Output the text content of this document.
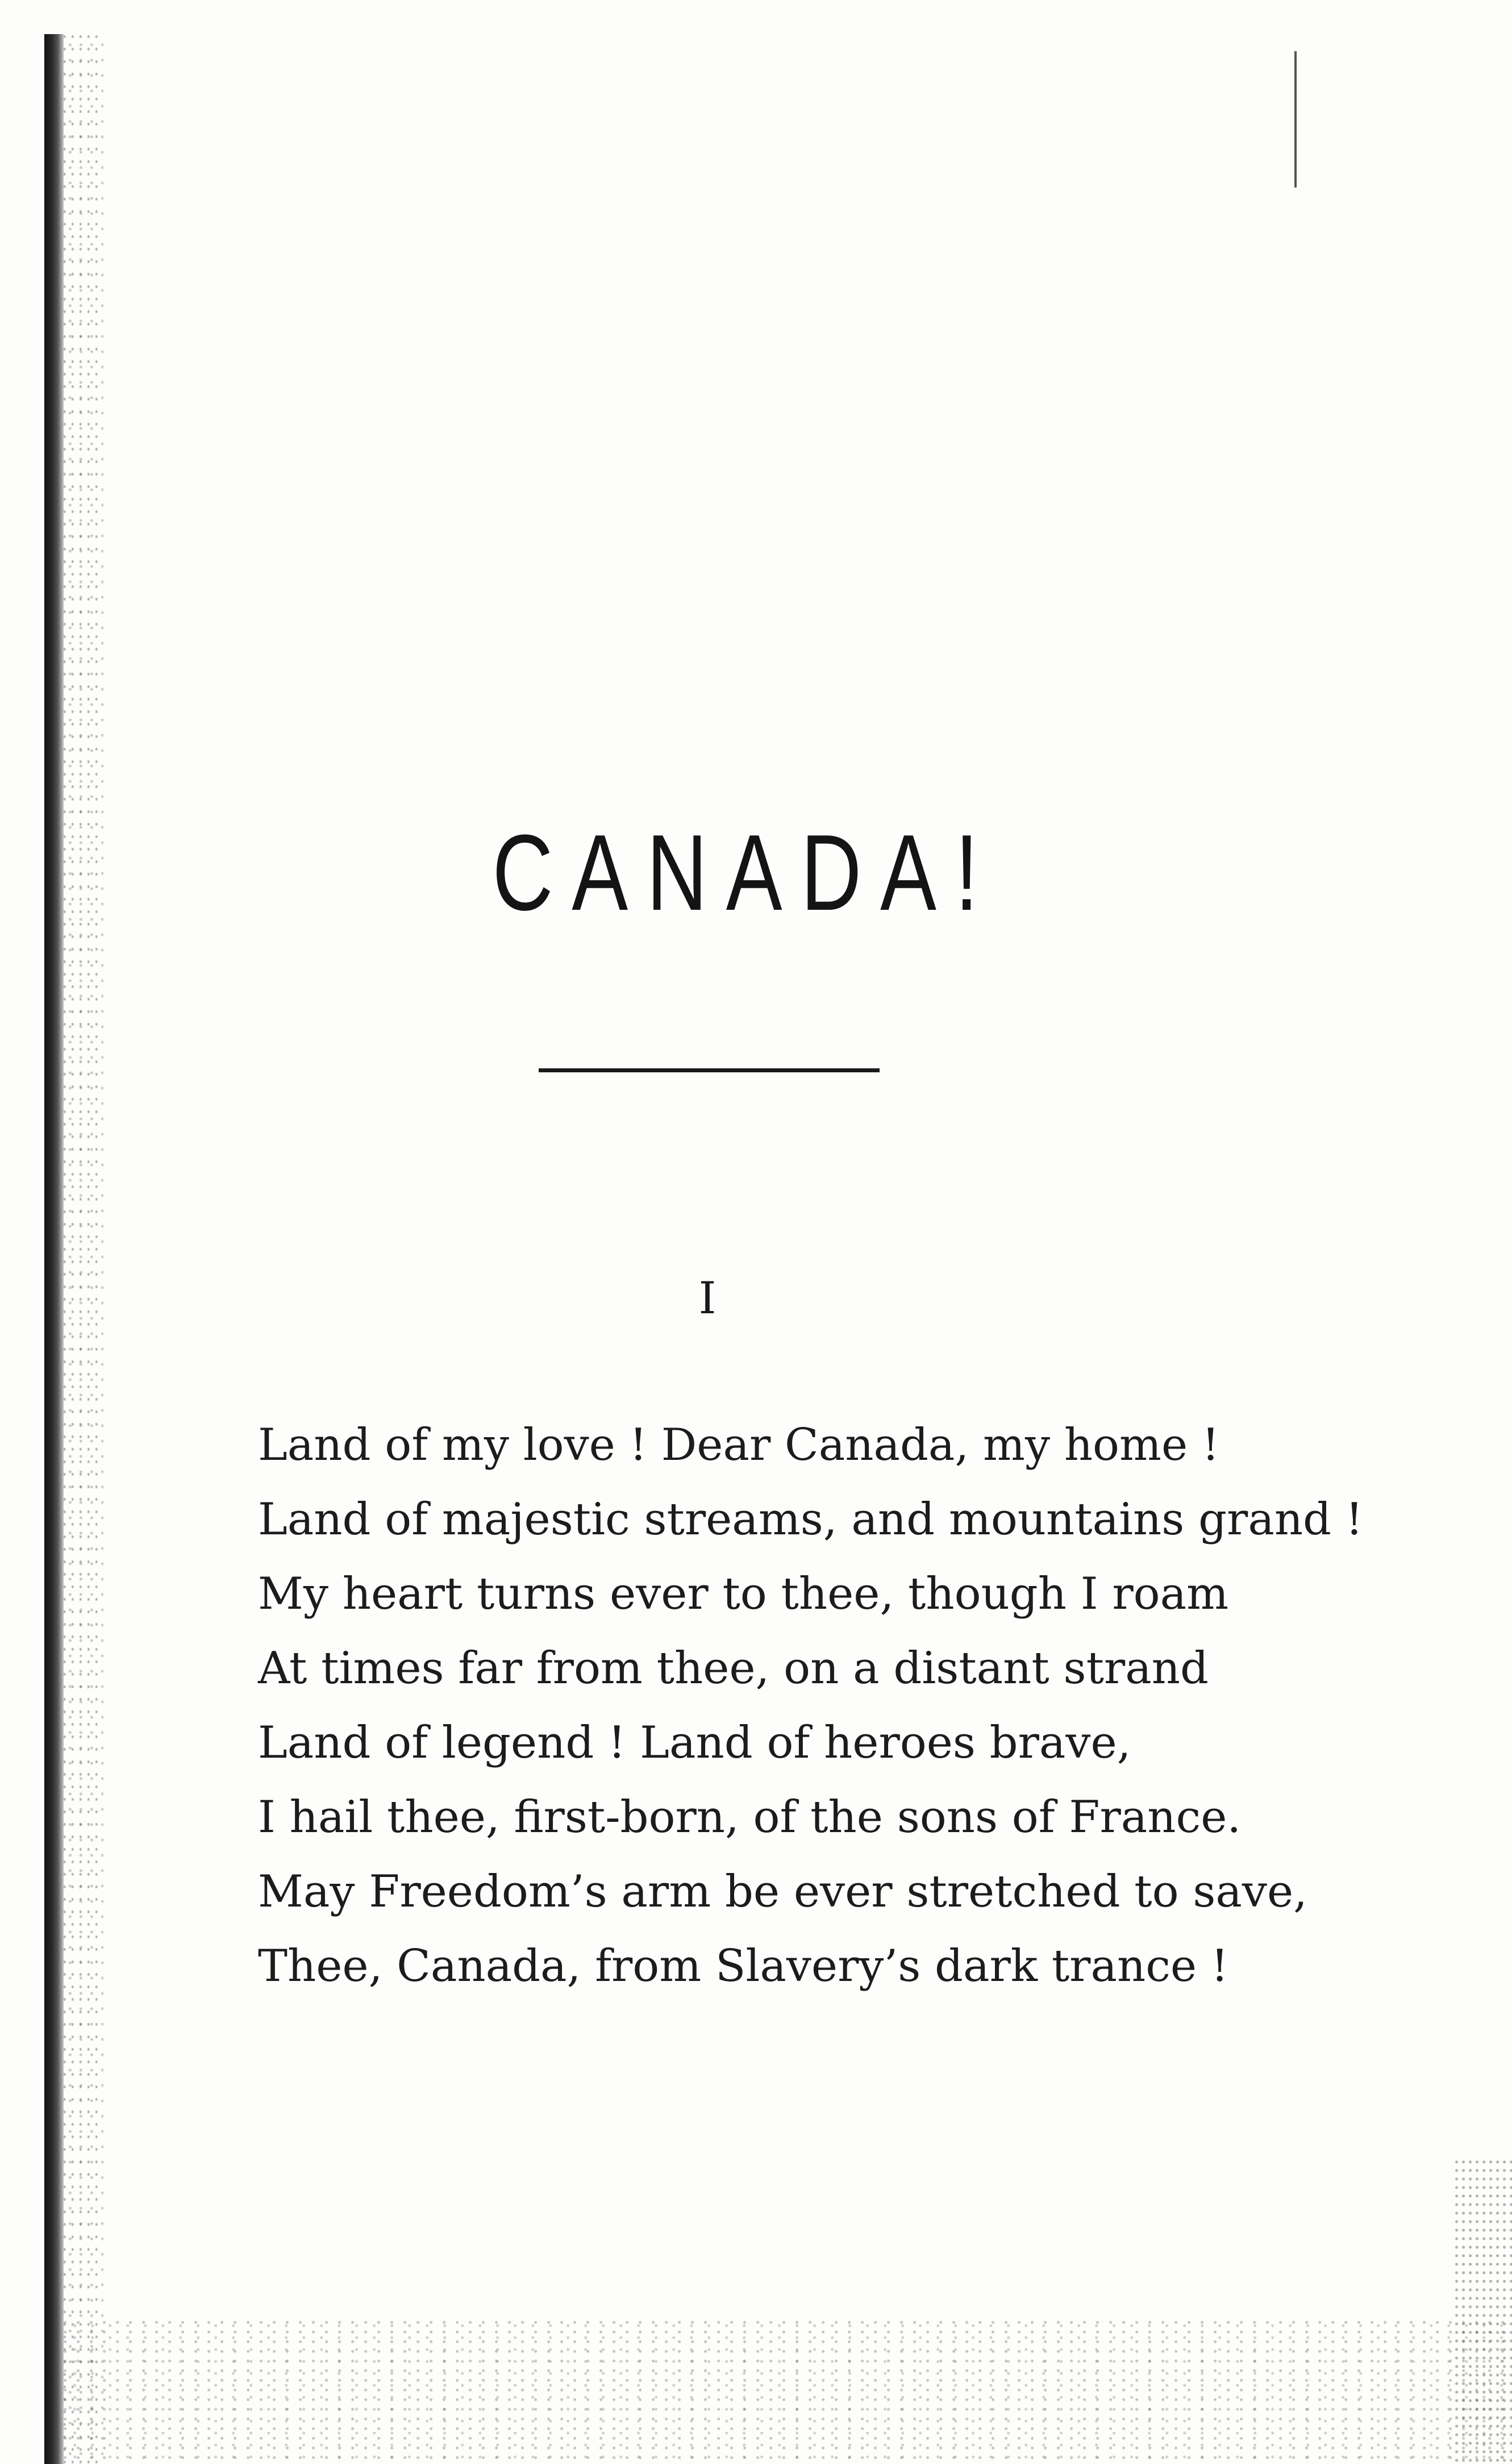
CANADA!
I
Land of my love ! Dear Canada, my home !
Land of majestic streams, and mountains grand !
My heart turns ever to thee, though I roam
At times far from thee, on a distant strand
Land of legend ! Land of heroes brave,
I hail thee, first-born, of the sons of France.
May Freedom’s arm be ever stretched to save,
Thee, Canada, from Slavery’s dark trance !
